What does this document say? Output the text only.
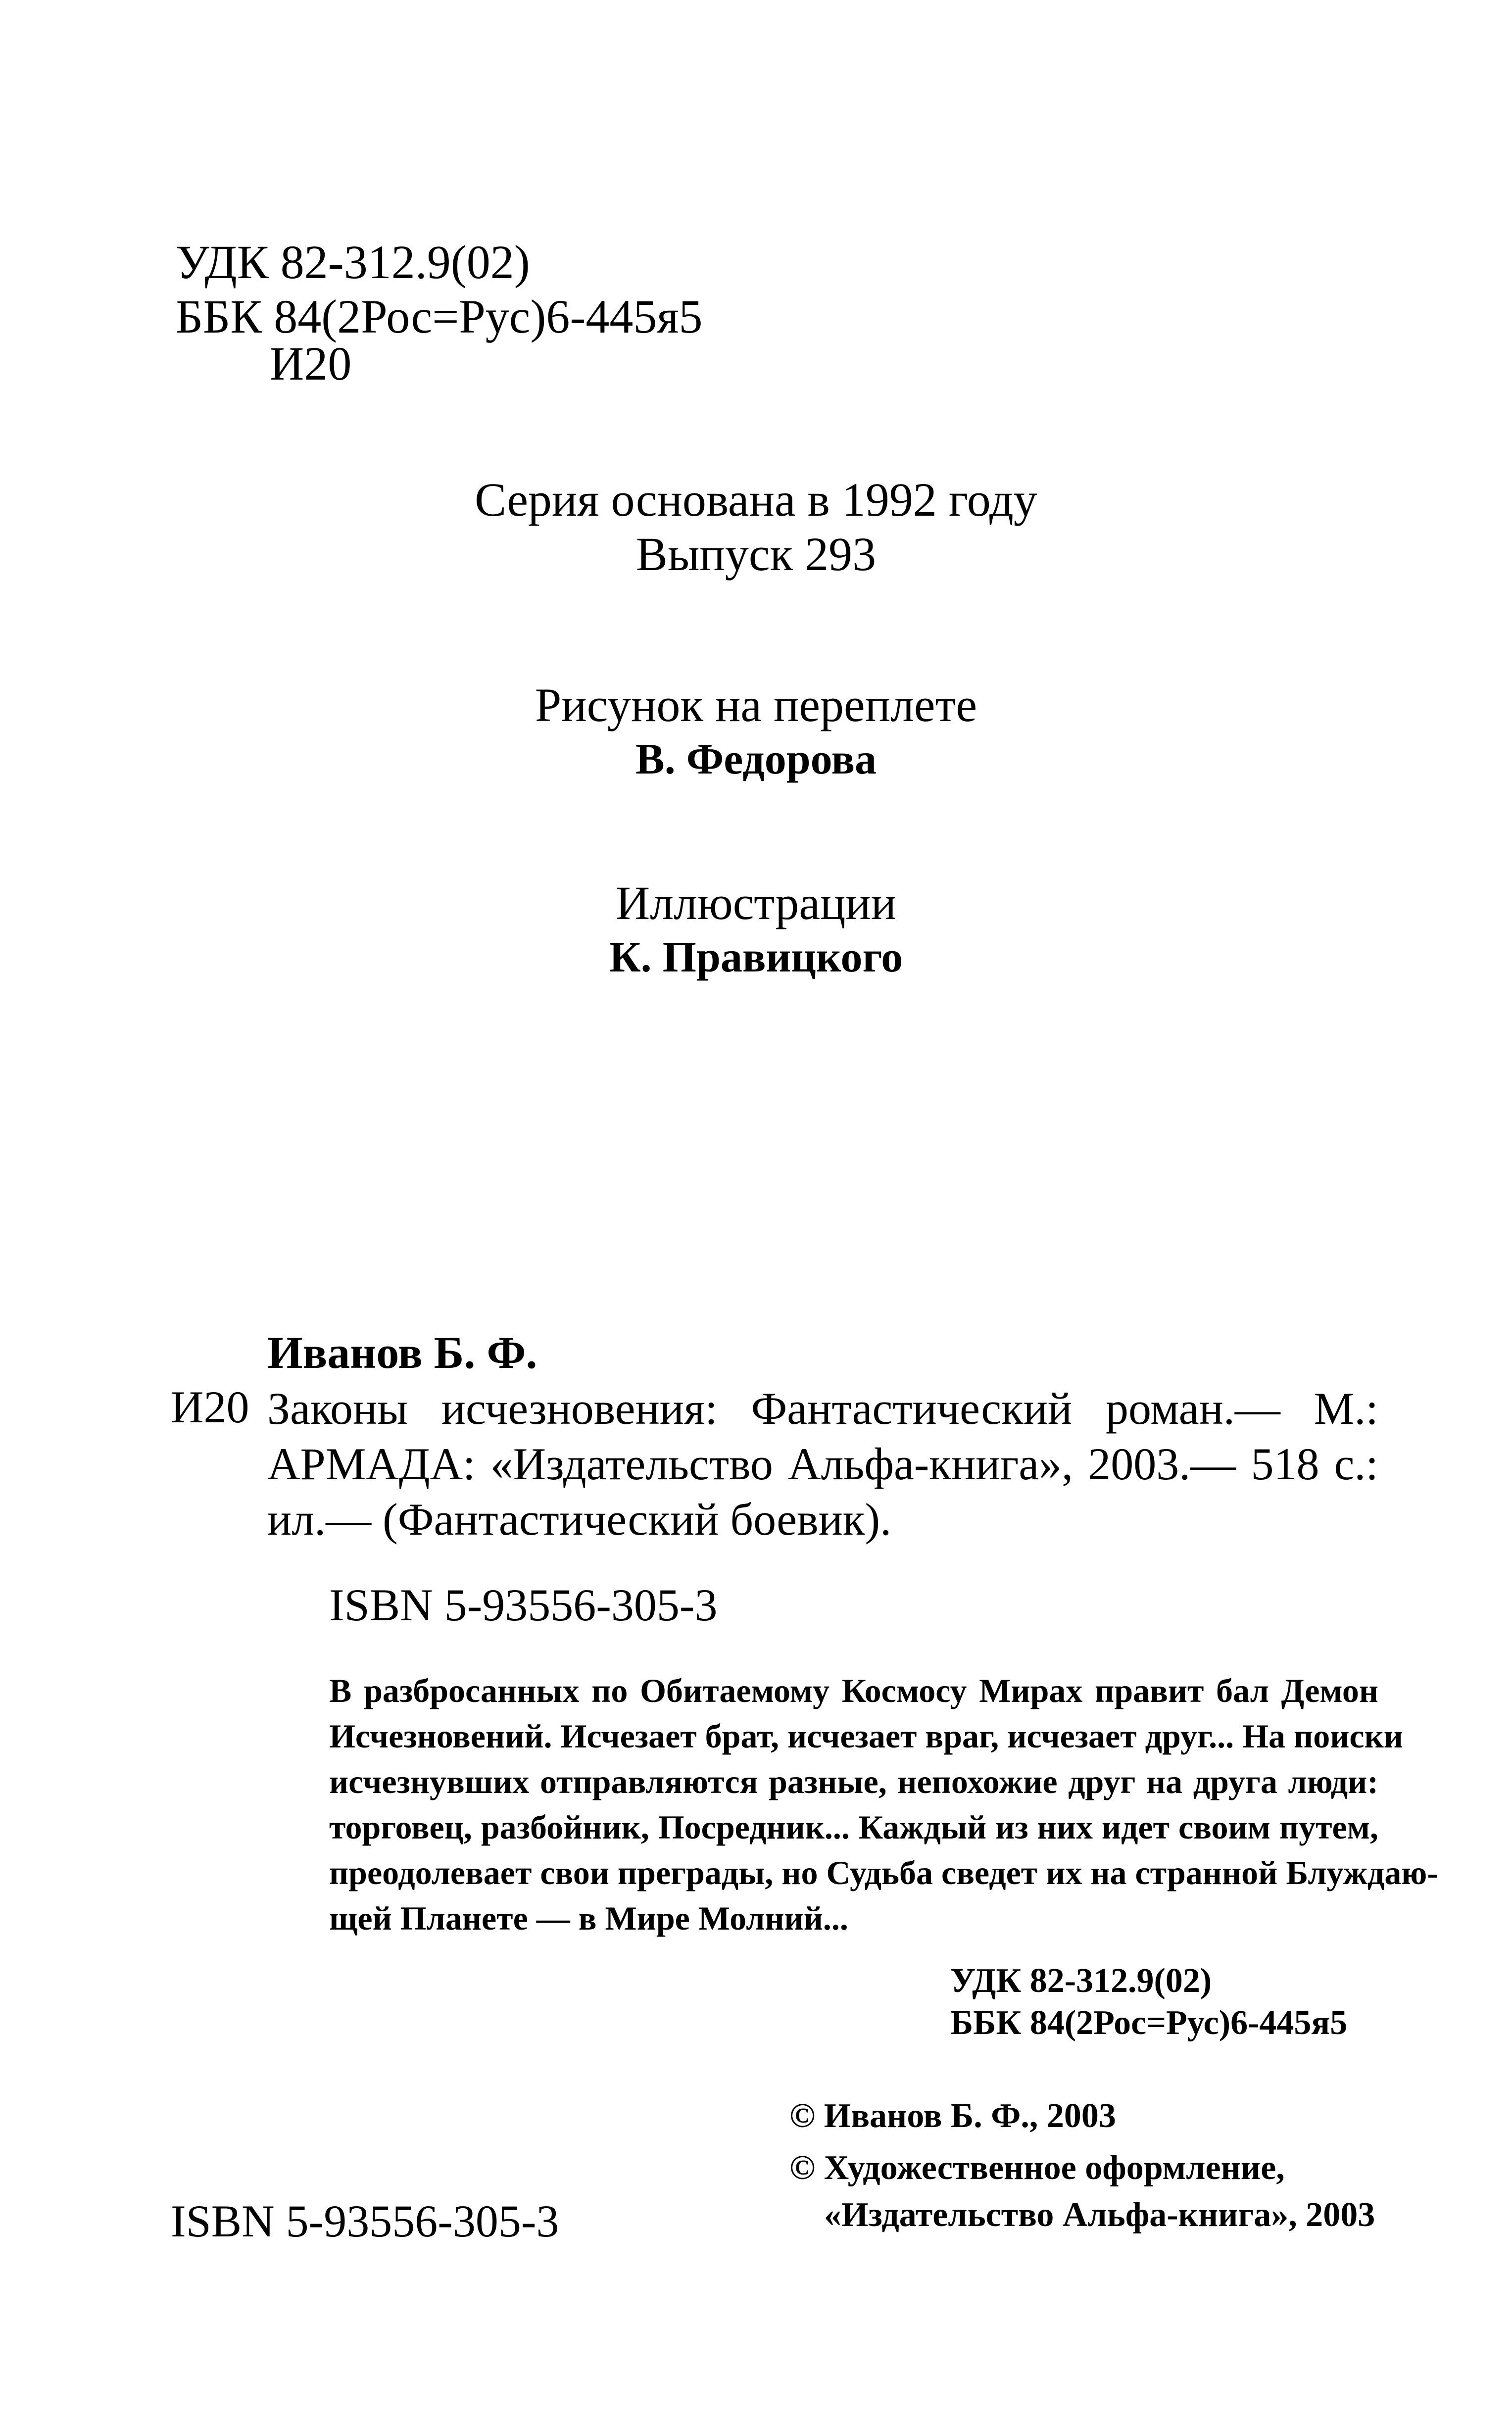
УДК 82-312.9(02)
ББК 84(2Рос=Рус)6-445я5
И20
Серия основана в 1992 году
Выпуск 293
Рисунок на переплете
В. Федорова
Иллюстрации
К. Правицкого
Иванов Б. Ф.
И20 Законы исчезновения: Фантастический роман.— М.:
АРМАДА: «Издательство Альфа-книга», 2003.— 518 с.:
ил.— (Фантастический боевик).
ISBN 5-93556-305-3
В разбросанных по Обитаемому Космосу Мирах правит бал Демон
Исчезновений. Исчезает брат, исчезает враг, исчезает друг... На поиски
исчезнувших отправляются разные, непохожие друг на друга люди:
торговец, разбойник, Посредник... Каждый из них идет своим путем,
преодолевает свои преграды, но Судьба сведет их на странной Блуждаю-
щей Планете — в Мире Молний...
УДК 82-312.9(02)
ББК 84(2Рос=Рус)6-445я5
© Иванов Б. Ф., 2003
© Художественное оформление,
«Издательство Альфа-книга», 2003
ISBN 5-93556-305-3
